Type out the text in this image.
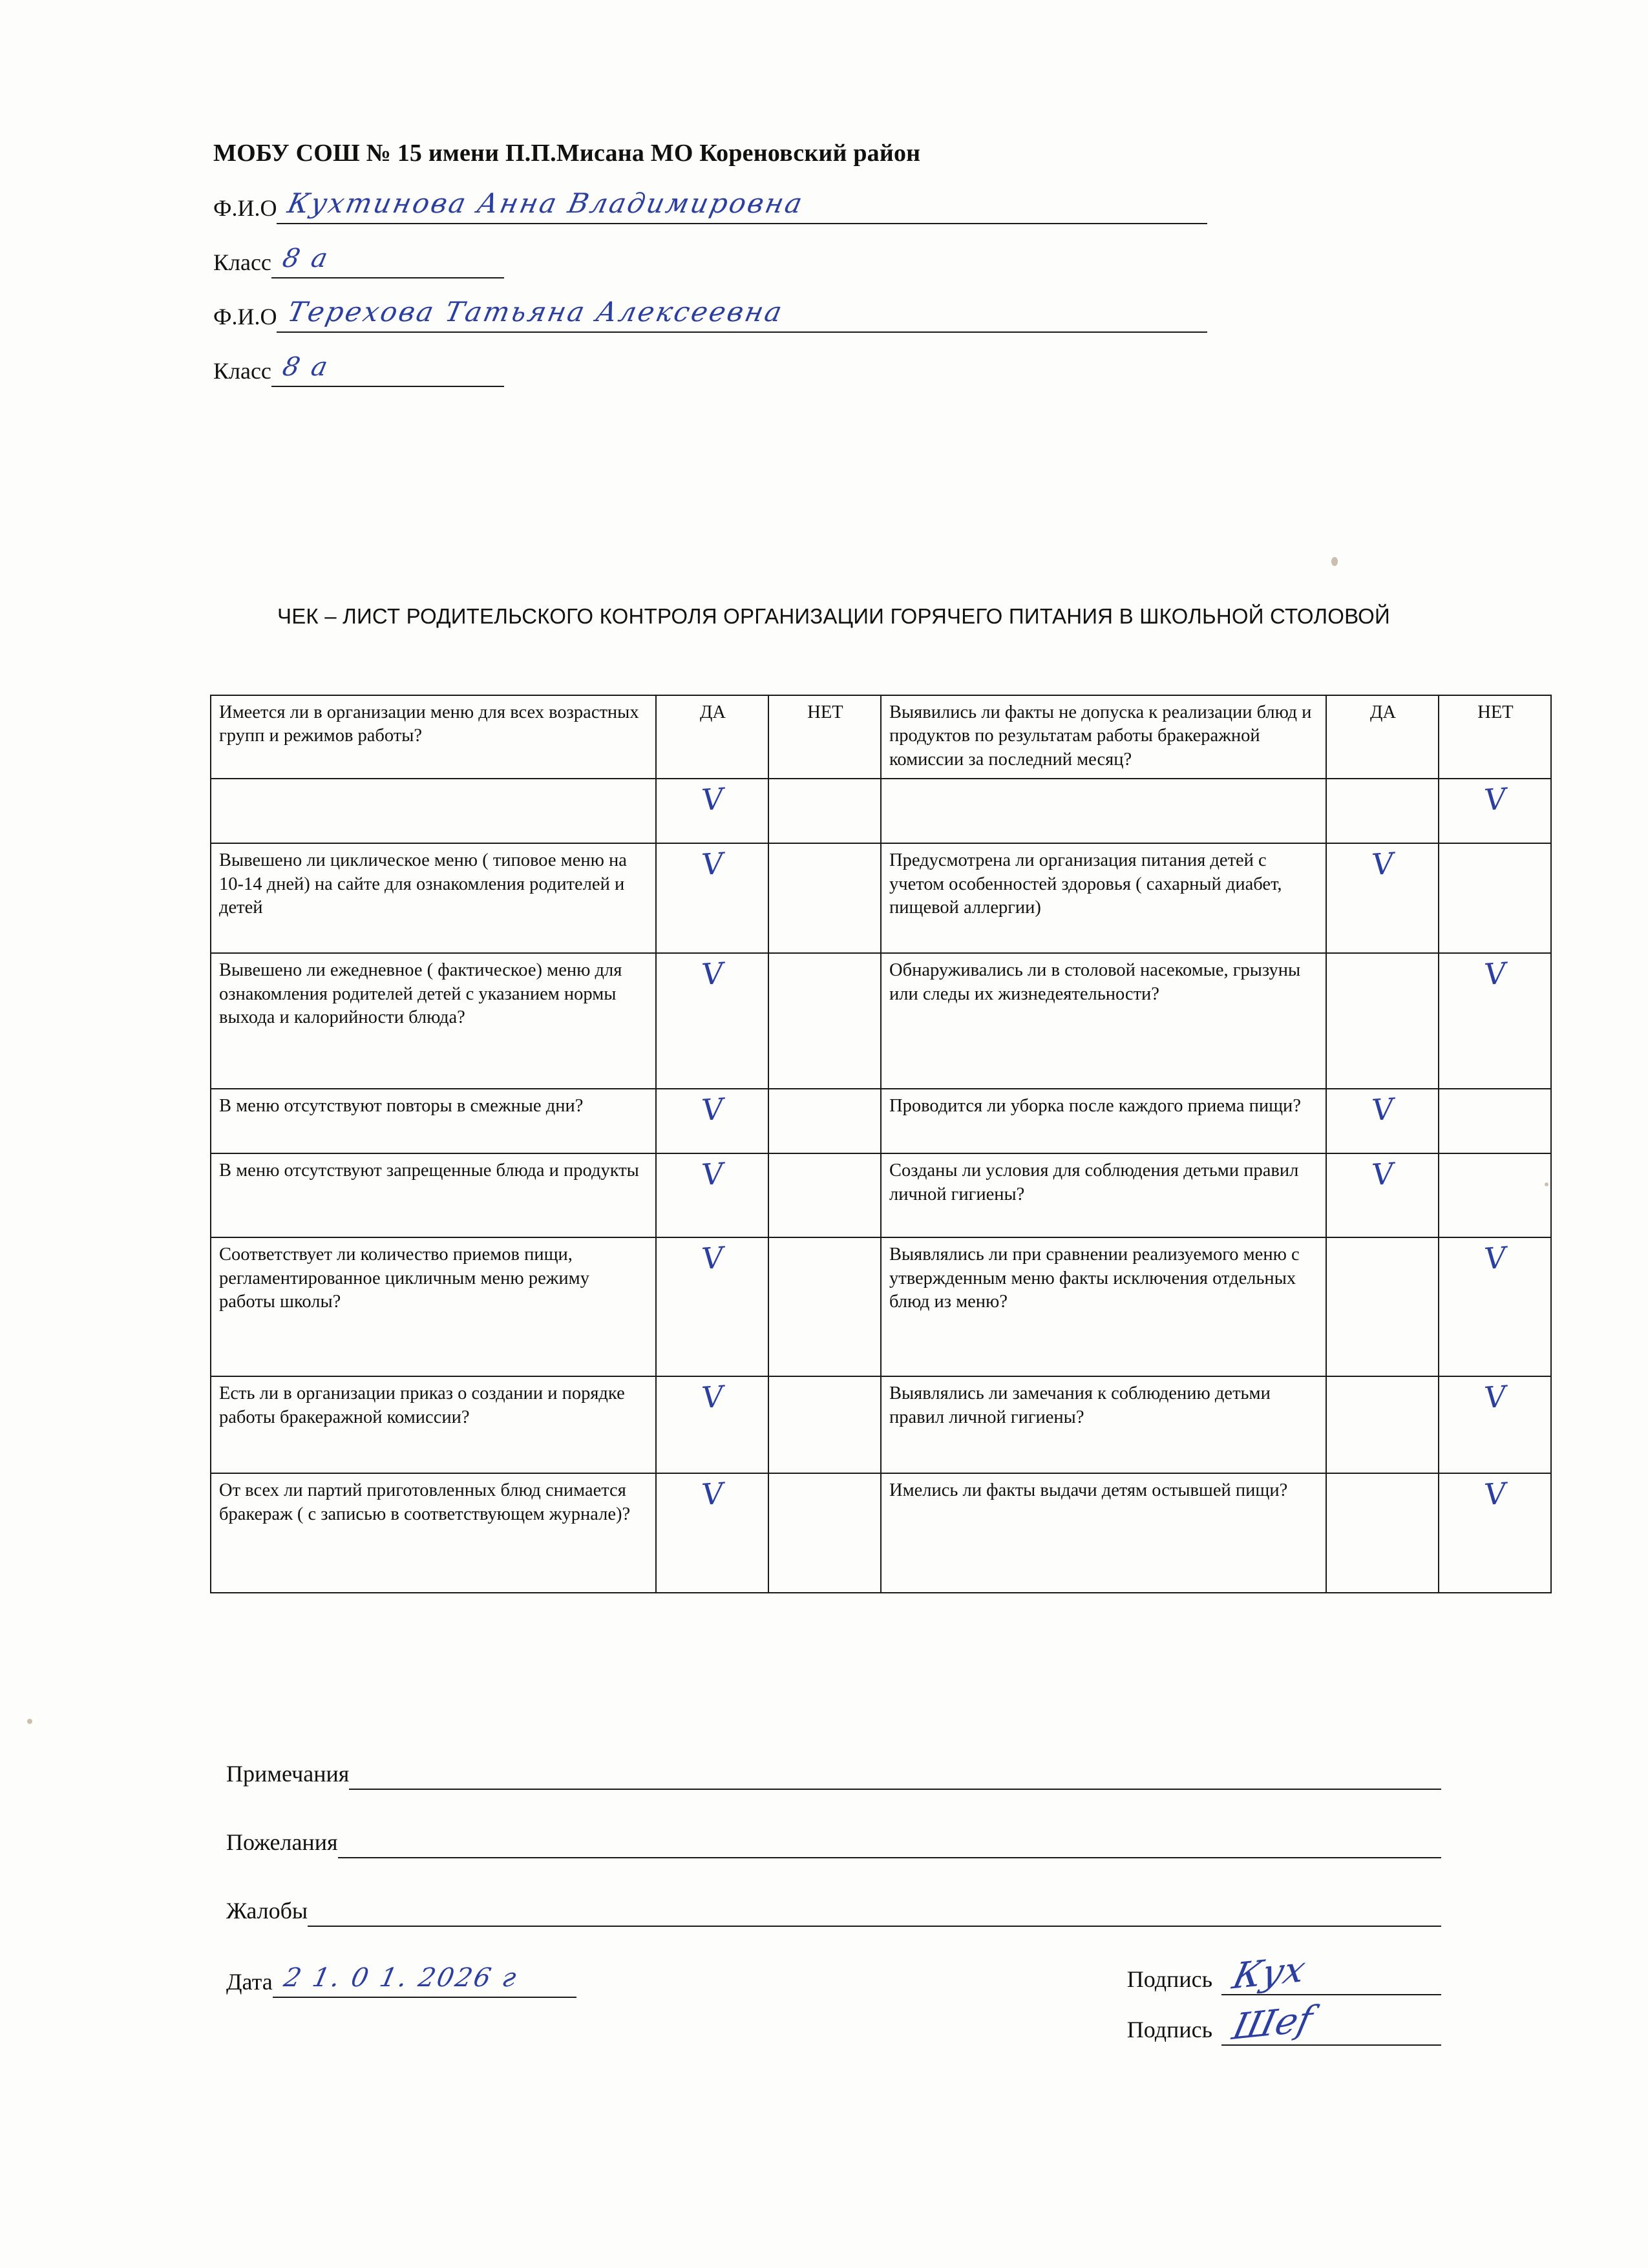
МОБУ СОШ № 15 имени П.П.Мисана МО Кореновский район
Ф.И.О Кухтинова Анна Владимировна
Класс 8 а
Ф.И.О Терехова Татьяна Алексеевна
Класс 8 а
ЧЕК – ЛИСТ РОДИТЕЛЬСКОГО КОНТРОЛЯ ОРГАНИЗАЦИИ ГОРЯЧЕГО ПИТАНИЯ В ШКОЛЬНОЙ СТОЛОВОЙ
Имеется ли в организации меню для всех возрастных групп и режимов работы?	ДА	НЕТ	Выявились ли факты не допуска к реализации блюд и продуктов по результатам работы бракеражной комиссии за последний месяц?	ДА	НЕТ
	V				V
Вывешено ли циклическое меню ( типовое меню на 10-14 дней) на сайте для ознакомления родителей и детей	V		Предусмотрена ли организация питания детей с учетом особенностей здоровья ( сахарный диабет, пищевой аллергии)	V	
Вывешено ли ежедневное ( фактическое) меню для ознакомления родителей детей с указанием нормы выхода и калорийности блюда?	V		Обнаруживались ли в столовой насекомые, грызуны или следы их жизнедеятельности?		V
В меню отсутствуют повторы в смежные дни?	V		Проводится ли уборка после каждого приема пищи?	V	
В меню отсутствуют запрещенные блюда и продукты	V		Созданы ли условия для соблюдения детьми правил личной гигиены?	V	
Соответствует ли количество приемов пищи, регламентированное цикличным меню режиму работы школы?	V		Выявлялись ли при сравнении реализуемого меню с утвержденным меню факты исключения отдельных блюд из меню?		V
Есть ли в организации приказ о создании и порядке работы бракеражной комиссии?	V		Выявлялись ли замечания к соблюдению детьми правил личной гигиены?		V
От всех ли партий приготовленных блюд снимается бракераж ( с записью в соответствующем журнале)?	V		Имелись ли факты выдачи детям остывшей пищи?		V
Примечания
Пожелания
Жалобы
Дата 2 1. 0 1. 2026 г	Подпись Кух
Подпись Шef
